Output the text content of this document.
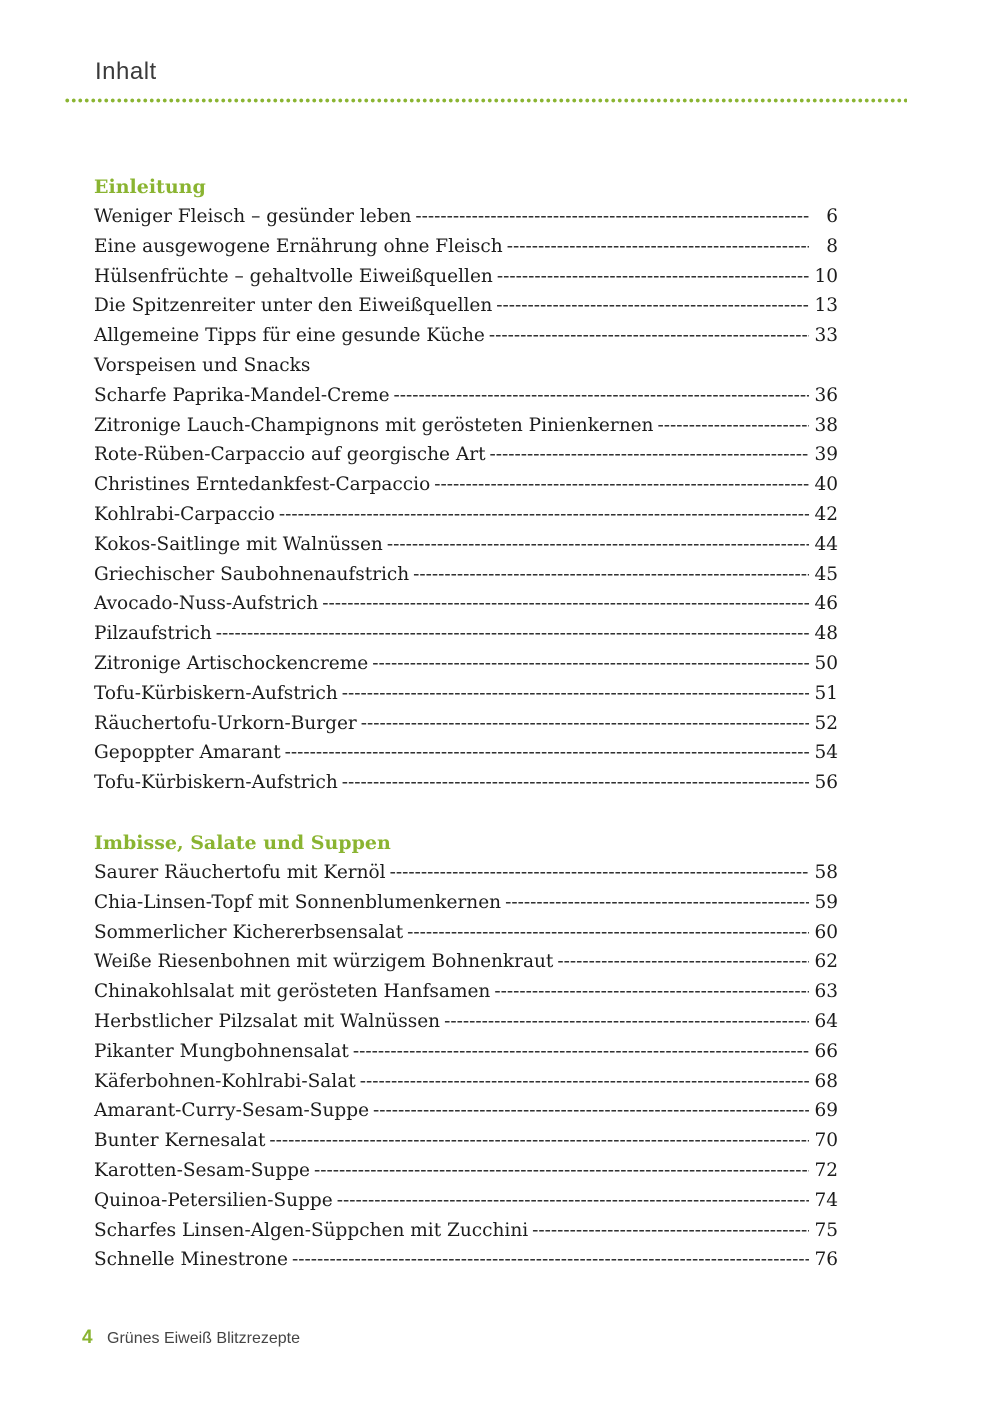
Inhalt
Einleitung
Weniger Fleisch – gesünder leben -----	6
Eine ausgewogene Ernährung ohne Fleisch -----	8
Hülsenfrüchte – gehaltvolle Eiweißquellen -----	10
Die Spitzenreiter unter den Eiweißquellen -----	13
Allgemeine Tipps für eine gesunde Küche -----	33
Vorspeisen und Snacks
Scharfe Paprika-Mandel-Creme -----	36
Zitronige Lauch-Champignons mit gerösteten Pinienkernen -----	38
Rote-Rüben-Carpaccio auf georgische Art -----	39
Christines Erntedankfest-Carpaccio -----	40
Kohlrabi-Carpaccio -----	42
Kokos-Saitlinge mit Walnüssen -----	44
Griechischer Saubohnenaufstrich -----	45
Avocado-Nuss-Aufstrich -----	46
Pilzaufstrich -----	48
Zitronige Artischockencreme -----	50
Tofu-Kürbiskern-Aufstrich -----	51
Räuchertofu-Urkorn-Burger -----	52
Gepoppter Amarant -----	54
Tofu-Kürbiskern-Aufstrich -----	56
Imbisse, Salate und Suppen
Saurer Räuchertofu mit Kernöl -----	58
Chia-Linsen-Topf mit Sonnenblumenkernen -----	59
Sommerlicher Kichererbsensalat -----	60
Weiße Riesenbohnen mit würzigem Bohnenkraut -----	62
Chinakohlsalat mit gerösteten Hanfsamen -----	63
Herbstlicher Pilzsalat mit Walnüssen -----	64
Pikanter Mungbohnensalat -----	66
Käferbohnen-Kohlrabi-Salat -----	68
Amarant-Curry-Sesam-Suppe -----	69
Bunter Kernesalat -----	70
Karotten-Sesam-Suppe -----	72
Quinoa-Petersilien-Suppe -----	74
Scharfes Linsen-Algen-Süppchen mit Zucchini -----	75
Schnelle Minestrone -----	76
4 Grünes Eiweiß Blitzrezepte
